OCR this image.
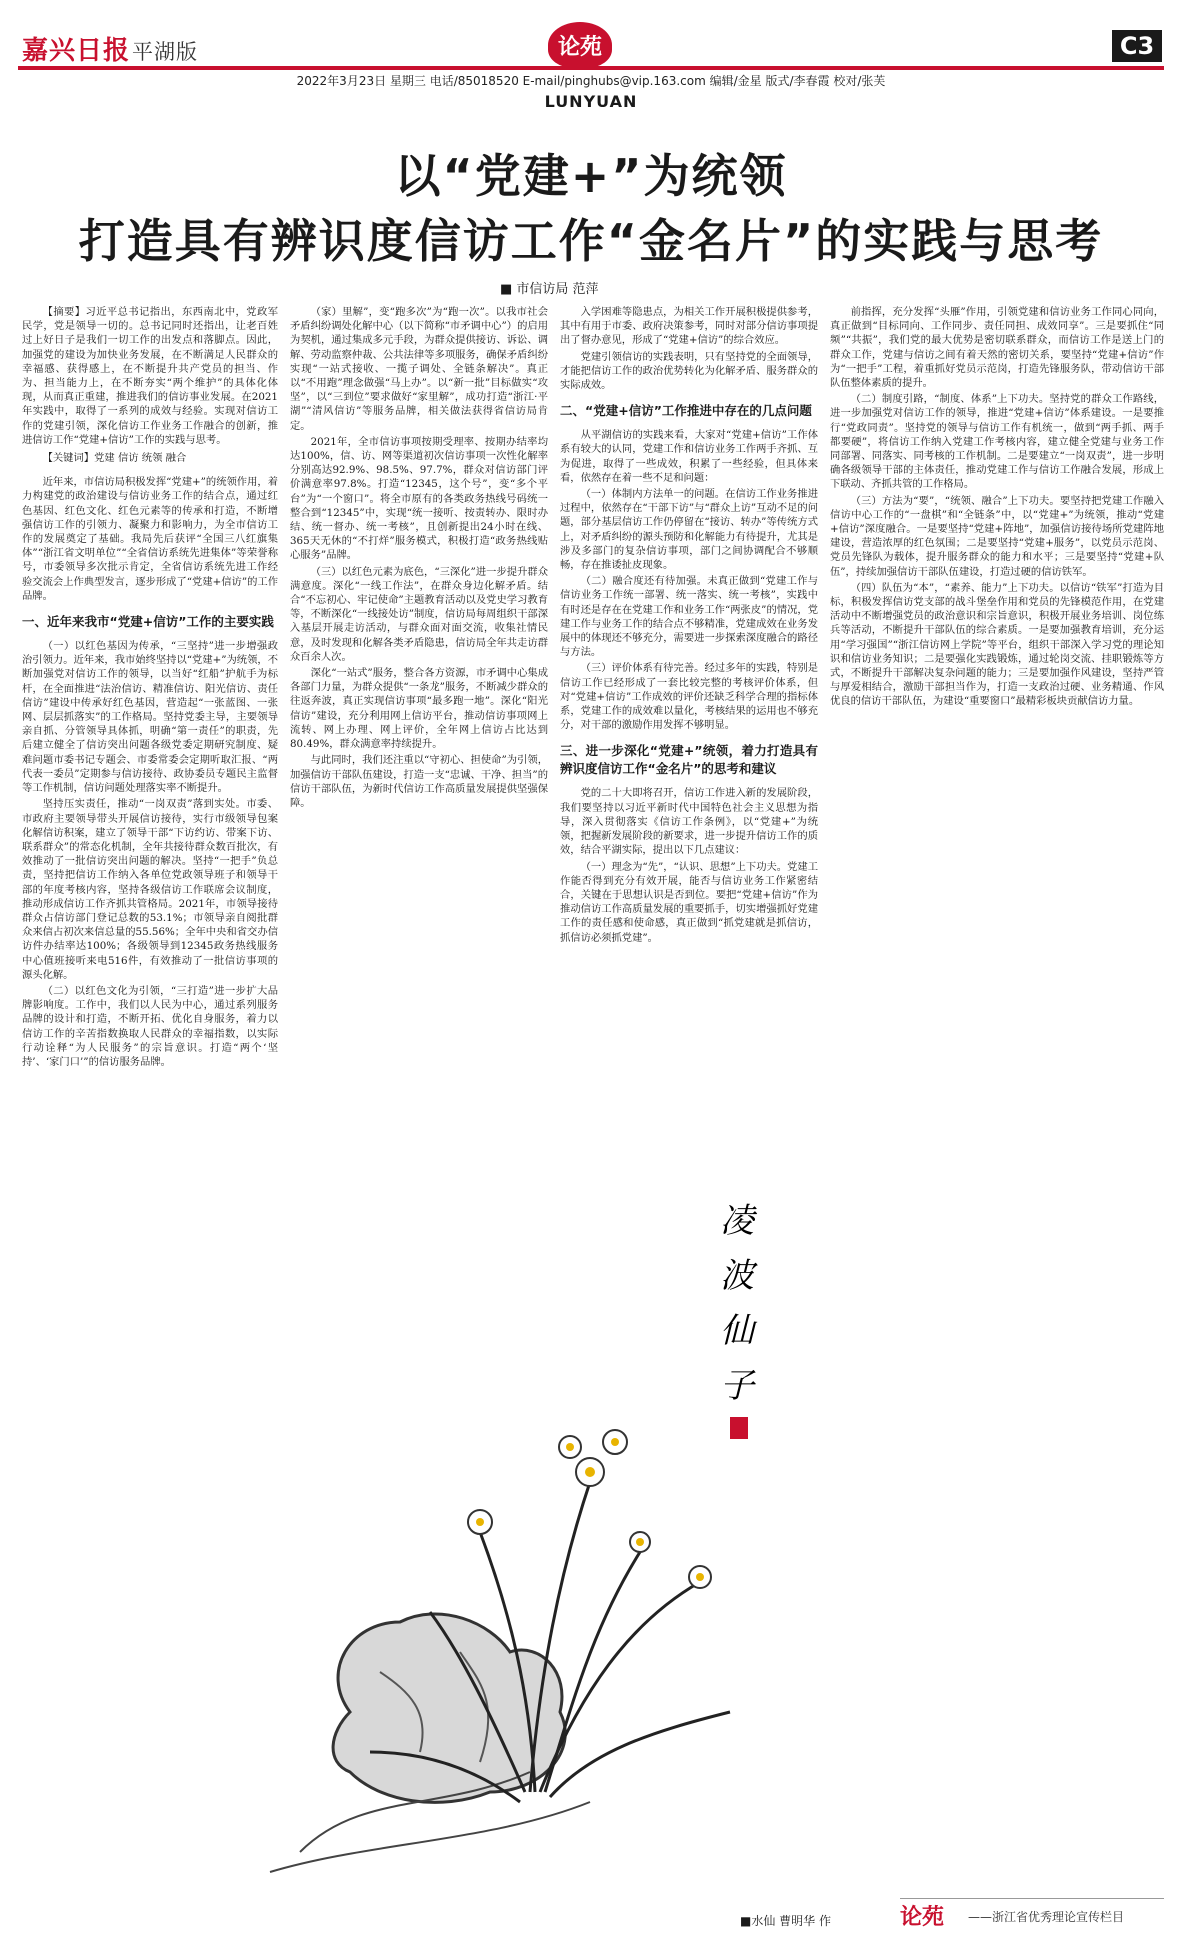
嘉兴日报平湖版	论苑	C3
2022年3月23日 星期三 电话/85018520 E-mail/pinghubs@vip.163.com 编辑/金星 版式/李春霞 校对/张芙
LUNYUAN
以“党建+”为统领
打造具有辨识度信访工作“金名片”的实践与思考
■ 市信访局 范萍

【摘要】习近平总书记指出，东西南北中，党政军民学，党是领导一切的。总书记同时还指出，让老百姓过上好日子是我们一切工作的出发点和落脚点。因此，加强党的建设为加快业务发展，在不断满足人民群众的幸福感、获得感上，在不断提升共产党员的担当、作为、担当能力上，在不断夯实“两个维护”的具体化体现，从而真正重建，推进我们的信访事业发展。在2021年实践中，取得了一系列的成效与经验。实现对信访工作的党建引领，深化信访工作业务工作融合的创新，推进信访工作“党建+信访”工作的实践与思考。

【关键词】党建 信访 统领 融合

近年来，市信访局积极发挥“党建+”的统领作用，着力构建党的政治建设与信访业务工作的结合点，通过红色基因、红色文化、红色元素等的传承和打造，不断增强信访工作的引领力、凝聚力和影响力，为全市信访工作的发展奠定了基础。我局先后获评“全国三八红旗集体”“浙江省文明单位”“全省信访系统先进集体”等荣誉称号，市委领导多次批示肯定，全省信访系统先进工作经验交流会上作典型发言，逐步形成了“党建+信访”的工作品牌。

一、近年来我市“党建+信访”工作的主要实践

（一）以红色基因为传承，“三坚持”进一步增强政治引领力。近年来，我市始终坚持以“党建+”为统领，不断加强党对信访工作的领导，以当好“红船”护航手为标杆，在全面推进“法治信访、精准信访、阳光信访、责任信访”建设中传承好红色基因，营造起“一张蓝图、一张网、层层抓落实”的工作格局。坚持党委主导，主要领导亲自抓、分管领导具体抓，明确“第一责任”的职责，先后建立健全了信访突出问题各级党委定期研究制度、疑难问题市委书记专题会、市委常委会定期听取汇报、“两代表一委员”定期参与信访接待、政协委员专题民主监督等工作机制，信访问题处理落实率不断提升。

坚持压实责任，推动“一岗双责”落到实处。市委、市政府主要领导带头开展信访接待，实行市级领导包案化解信访积案，建立了领导干部“下访约访、带案下访、联系群众”的常态化机制，全年共接待群众数百批次，有效推动了一批信访突出问题的解决。坚持“一把手”负总责，坚持把信访工作纳入各单位党政领导班子和领导干部的年度考核内容，坚持各级信访工作联席会议制度，推动形成信访工作齐抓共管格局。2021年，市领导接待群众占信访部门登记总数的53.1%；市领导亲自阅批群众来信占初次来信总量的55.56%；全年中央和省交办信访件办结率达100%；各级领导到12345政务热线服务中心值班接听来电516件，有效推动了一批信访事项的源头化解。

（二）以红色文化为引领，“三打造”进一步扩大品牌影响度。工作中，我们以人民为中心，通过系列服务品牌的设计和打造，不断开拓、优化自身服务，着力以信访工作的辛苦指数换取人民群众的幸福指数，以实际行动诠释“为人民服务”的宗旨意识。打造“两个‘坚持’、‘家门口’”的信访服务品牌。

（家）里解”，变“跑多次”为“跑一次”。以我市社会矛盾纠纷调处化解中心（以下简称“市矛调中心”）的启用为契机，通过集成多元手段，为群众提供接访、诉讼、调解、劳动监察仲裁、公共法律等多项服务，确保矛盾纠纷实现“一站式接收、一揽子调处、全链条解决”。真正以“不用跑”理念做强“马上办”。以“新一批”目标做实“攻坚”，以“三到位”要求做好“家里解”，成功打造“浙江·平湖”“清风信访”等服务品牌，相关做法获得省信访局肯定。

2021年，全市信访事项按期受理率、按期办结率均达100%，信、访、网等渠道初次信访事项一次性化解率分别高达92.9%、98.5%、97.7%，群众对信访部门评价满意率97.8%。打造“12345，这个号”，变“多个平台”为“一个窗口”。将全市原有的各类政务热线号码统一整合到“12345”中，实现“统一接听、按责转办、限时办结、统一督办、统一考核”，且创新提出24小时在线、365天无休的“不打烊”服务模式，积极打造“政务热线贴心服务”品牌。

（三）以红色元素为底色，“三深化”进一步提升群众满意度。深化“一线工作法”，在群众身边化解矛盾。结合“不忘初心、牢记使命”主题教育活动以及党史学习教育等，不断深化“一线接处访”制度，信访局每周组织干部深入基层开展走访活动，与群众面对面交流，收集社情民意，及时发现和化解各类矛盾隐患，信访局全年共走访群众百余人次。

深化“一站式”服务，整合各方资源，市矛调中心集成各部门力量，为群众提供“一条龙”服务，不断减少群众的往返奔波，真正实现信访事项“最多跑一地”。深化“阳光信访”建设，充分利用网上信访平台，推动信访事项网上流转、网上办理、网上评价，全年网上信访占比达到80.49%，群众满意率持续提升。

与此同时，我们还注重以“守初心、担使命”为引领，加强信访干部队伍建设，打造一支“忠诚、干净、担当”的信访干部队伍，为新时代信访工作高质量发展提供坚强保障。

入学困难等隐患点，为相关工作开展积极提供参考，其中有用于市委、政府决策参考，同时对部分信访事项提出了督办意见，形成了“党建+信访”的综合效应。

党建引领信访的实践表明，只有坚持党的全面领导，才能把信访工作的政治优势转化为化解矛盾、服务群众的实际成效。

二、“党建+信访”工作推进中存在的几点问题

从平湖信访的实践来看，大家对“党建+信访”工作体系有较大的认同，党建工作和信访业务工作两手齐抓、互为促进，取得了一些成效，积累了一些经验，但具体来看，依然存在着一些不足和问题：

（一）体制内方法单一的问题。在信访工作业务推进过程中，依然存在“干部下访”与“群众上访”互动不足的问题，部分基层信访工作仍停留在“接访、转办”等传统方式上，对矛盾纠纷的源头预防和化解能力有待提升，尤其是涉及多部门的复杂信访事项，部门之间协调配合不够顺畅，存在推诿扯皮现象。

（二）融合度还有待加强。未真正做到“党建工作与信访业务工作统一部署、统一落实、统一考核”，实践中有时还是存在在党建工作和业务工作“两张皮”的情况，党建工作与业务工作的结合点不够精准，党建成效在业务发展中的体现还不够充分，需要进一步探索深度融合的路径与方法。

（三）评价体系有待完善。经过多年的实践，特别是信访工作已经形成了一套比较完整的考核评价体系，但对“党建+信访”工作成效的评价还缺乏科学合理的指标体系，党建工作的成效难以量化，考核结果的运用也不够充分，对干部的激励作用发挥不够明显。

三、进一步深化“党建+”统领，着力打造具有辨识度信访工作“金名片”的思考和建议

党的二十大即将召开，信访工作进入新的发展阶段，我们要坚持以习近平新时代中国特色社会主义思想为指导，深入贯彻落实《信访工作条例》，以“党建+”为统领，把握新发展阶段的新要求，进一步提升信访工作的质效，结合平湖实际，提出以下几点建议：

（一）理念为“先”，“认识、思想”上下功夫。党建工作能否得到充分有效开展，能否与信访业务工作紧密结合，关键在于思想认识是否到位。要把“党建+信访”作为推动信访工作高质量发展的重要抓手，切实增强抓好党建工作的责任感和使命感，真正做到“抓党建就是抓信访，抓信访必须抓党建”。

前指挥，充分发挥“头雁”作用，引领党建和信访业务工作同心同向，真正做到“目标同向、工作同步、责任同担、成效同享”。三是要抓住“同频”“共振”，我们党的最大优势是密切联系群众，而信访工作是送上门的群众工作，党建与信访之间有着天然的密切关系，要坚持“党建+信访”作为“一把手”工程，着重抓好党员示范岗，打造先锋服务队，带动信访干部队伍整体素质的提升。

（二）制度引路，“制度、体系”上下功夫。坚持党的群众工作路线，进一步加强党对信访工作的领导，推进“党建+信访”体系建设。一是要推行“党政同责”。坚持党的领导与信访工作有机统一，做到“两手抓、两手都要硬”，将信访工作纳入党建工作考核内容，建立健全党建与业务工作同部署、同落实、同考核的工作机制。二是要建立“一岗双责”，进一步明确各级领导干部的主体责任，推动党建工作与信访工作融合发展，形成上下联动、齐抓共管的工作格局。

（三）方法为“要”，“统领、融合”上下功夫。要坚持把党建工作融入信访中心工作的“一盘棋”和“全链条”中，以“党建+”为统领，推动“党建+信访”深度融合。一是要坚持“党建+阵地”，加强信访接待场所党建阵地建设，营造浓厚的红色氛围；二是要坚持“党建+服务”，以党员示范岗、党员先锋队为载体，提升服务群众的能力和水平；三是要坚持“党建+队伍”，持续加强信访干部队伍建设，打造过硬的信访铁军。

（四）队伍为“本”，“素养、能力”上下功夫。以信访“铁军”打造为目标，积极发挥信访党支部的战斗堡垒作用和党员的先锋模范作用，在党建活动中不断增强党员的政治意识和宗旨意识，积极开展业务培训、岗位练兵等活动，不断提升干部队伍的综合素质。一是要加强教育培训，充分运用“学习强国”“浙江信访网上学院”等平台，组织干部深入学习党的理论知识和信访业务知识；二是要强化实践锻炼，通过轮岗交流、挂职锻炼等方式，不断提升干部解决复杂问题的能力；三是要加强作风建设，坚持严管与厚爱相结合，激励干部担当作为，打造一支政治过硬、业务精通、作风优良的信访干部队伍，为建设“重要窗口”最精彩板块贡献信访力量。

凌
波
仙
子
■水仙 曹明华 作	论苑 ——浙江省优秀理论宣传栏目
